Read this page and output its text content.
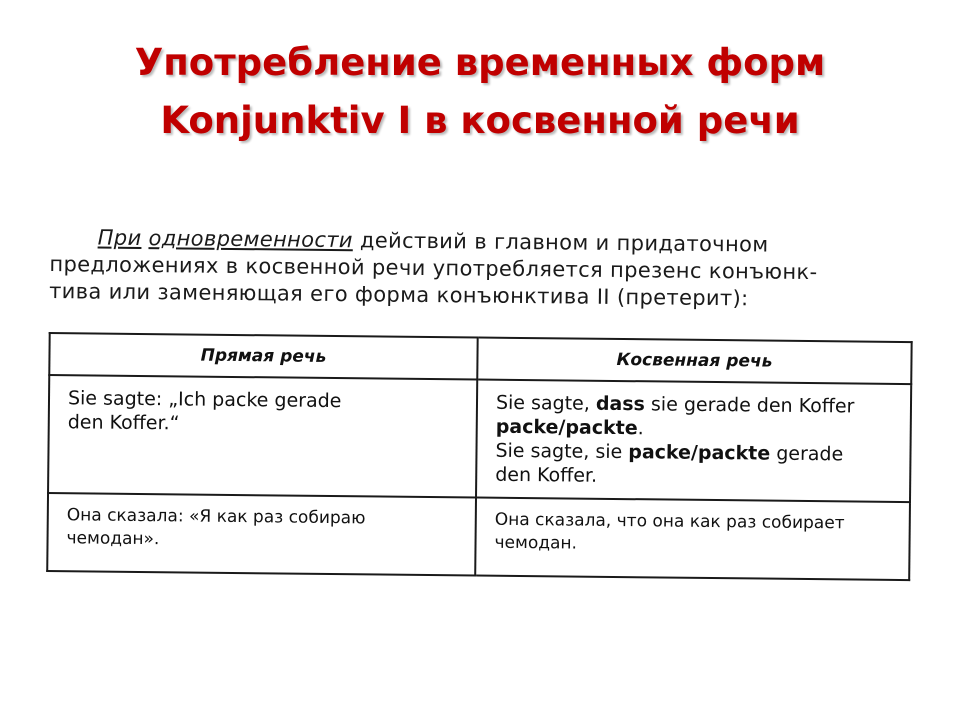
Употребление временных форм
Konjunktiv I в косвенной речи
При одновременности действий в главном и придаточном
предложениях в косвенной речи употребляется презенс конъюнк-
тива или заменяющая его форма конъюнктива II (претерит):
Прямая речь	Косвенная речь

Sie sagte: „Ich packe gerade
den Koffer.“	Sie sagte, dass sie gerade den Koffer
packe/packte.
Sie sagte, sie packe/packte gerade
den Koffer.

Она сказала: «Я как раз собираю
чемодан».	Она сказала, что она как раз собирает
чемодан.
